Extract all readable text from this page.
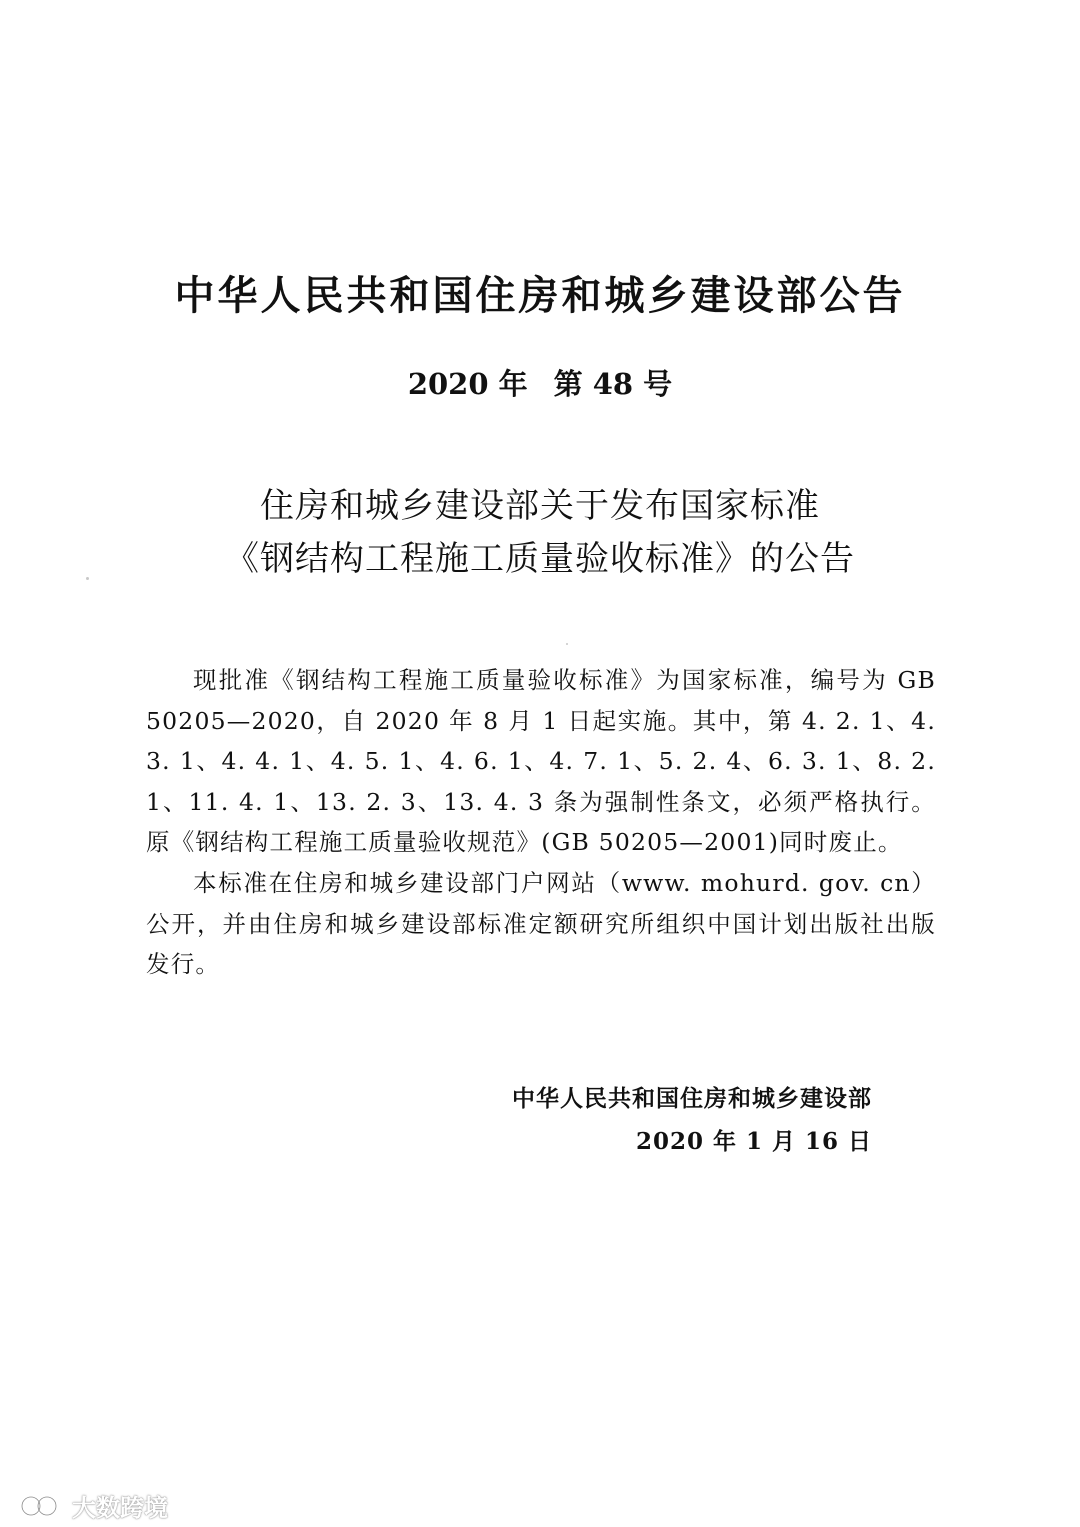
中华人民共和国住房和城乡建设部公告
2020 年 第 48 号
住房和城乡建设部关于发布国家标准
《钢结构工程施工质量验收标准》的公告

现批准《钢结构工程施工质量验收标准》为国家标准，编号为 GB 50205—2020，自 2020 年 8 月 1 日起实施。其中，第 4. 2. 1、4. 3. 1、4. 4. 1、4. 5. 1、4. 6. 1、4. 7. 1、5. 2. 4、6. 3. 1、8. 2. 1、11. 4. 1、13. 2. 3、13. 4. 3 条为强制性条文，必须严格执行。原《钢结构工程施工质量验收规范》(GB 50205—2001)同时废止。

本标准在住房和城乡建设部门户网站（www. mohurd. gov. cn）公开，并由住房和城乡建设部标准定额研究所组织中国计划出版社出版发行。

中华人民共和国住房和城乡建设部
2020 年 1 月 16 日
大数跨境
